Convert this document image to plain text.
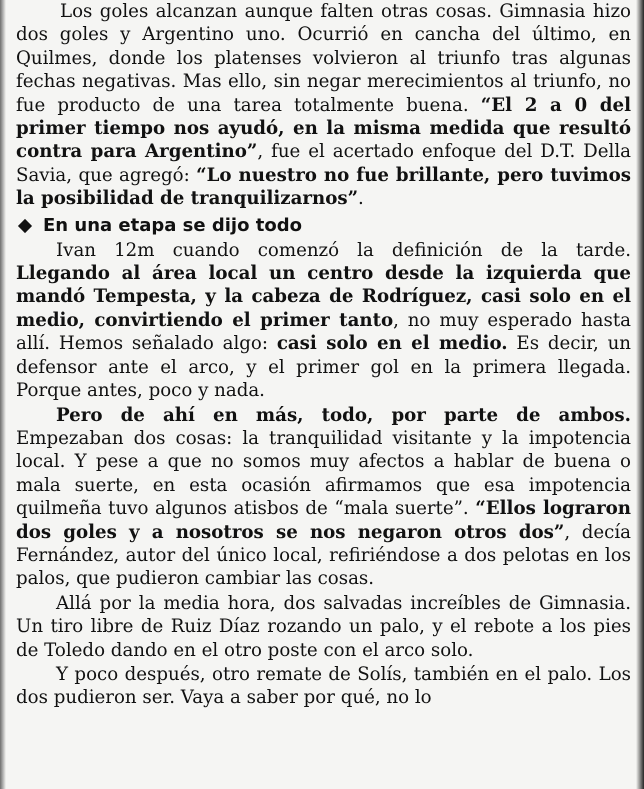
Los goles alcanzan aunque falten otras cosas. Gimnasia hizo dos goles y Argentino uno. Ocurrió en cancha del último, en Quilmes, donde los platenses volvieron al triunfo tras algunas fechas negativas. Mas ello, sin negar merecimientos al triunfo, no fue producto de una tarea totalmente buena. “El 2 a 0 del primer tiempo nos ayudó, en la misma medida que resultó contra para Argentino”, fue el acertado enfoque del D.T. Della Savia, que agregó: “Lo nuestro no fue brillante, pero tuvimos la posibilidad de tranquilizarnos”.

En una etapa se dijo todo

Ivan 12m cuando comenzó la definición de la tarde. Llegando al área local un centro desde la izquierda que mandó Tempesta, y la cabeza de Rodríguez, casi solo en el medio, convirtiendo el primer tanto, no muy esperado hasta allí. Hemos señalado algo: casi solo en el medio. Es decir, un defensor ante el arco, y el primer gol en la primera llegada. Porque antes, poco y nada.

Pero de ahí en más, todo, por parte de ambos. Empezaban dos cosas: la tranquilidad visitante y la impotencia local. Y pese a que no somos muy afectos a hablar de buena o mala suerte, en esta ocasión afirmamos que esa impotencia quilmeña tuvo algunos atisbos de “mala suerte”. “Ellos lograron dos goles y a nosotros se nos negaron otros dos”, decía Fernández, autor del único local, refiriéndose a dos pelotas en los palos, que pudieron cambiar las cosas.

Allá por la media hora, dos salvadas increíbles de Gimnasia. Un tiro libre de Ruiz Díaz rozando un palo, y el rebote a los pies de Toledo dando en el otro poste con el arco solo.

Y poco después, otro remate de Solís, también en el palo. Los dos pudieron ser. Vaya a saber por qué, no lo
